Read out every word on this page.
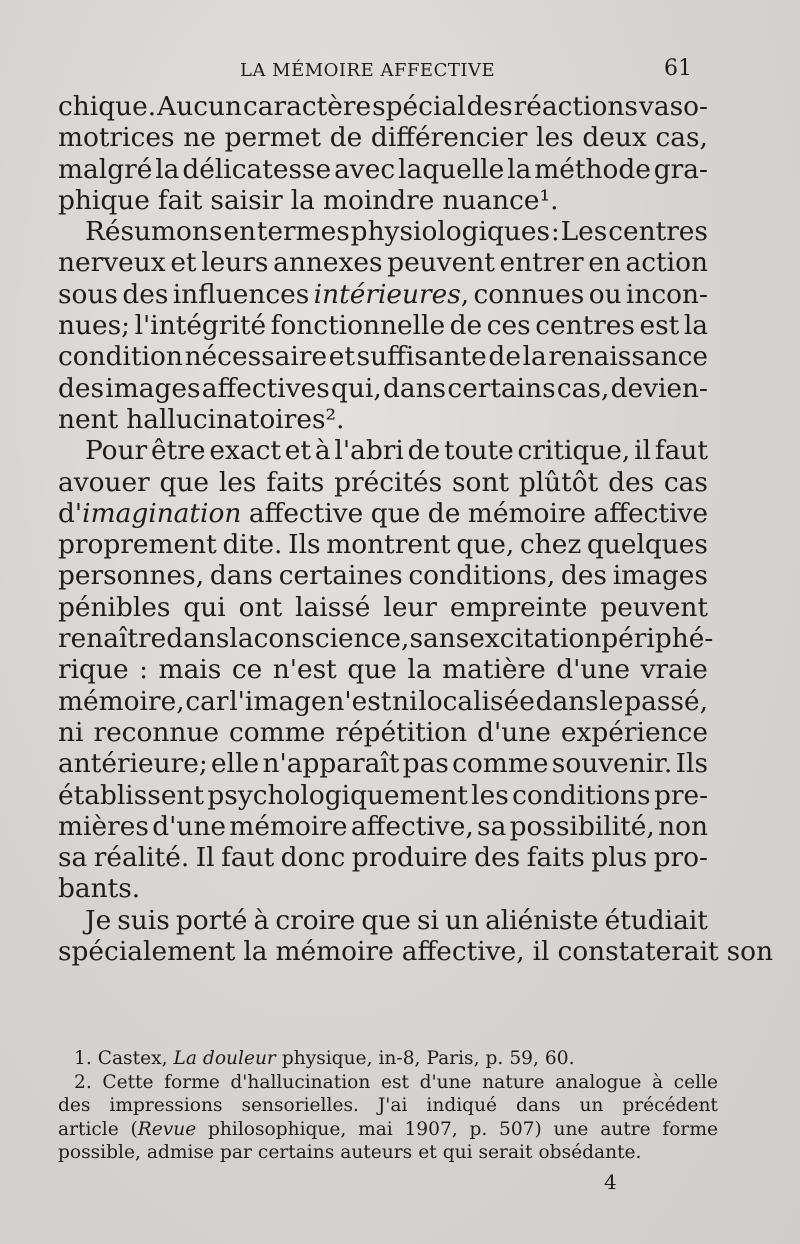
LA MÉMOIRE AFFECTIVE	61
chique. Aucun caractère spécial des réactions vaso-
motrices ne permet de différencier les deux cas,
malgré la délicatesse avec laquelle la méthode gra-
phique fait saisir la moindre nuance¹.
Résumons en termes physiologiques : Les centres
nerveux et leurs annexes peuvent entrer en action
sous des influences intérieures, connues ou incon-
nues; l'intégrité fonctionnelle de ces centres est la
condition nécessaire et suffisante de la renaissance
des images affectives qui, dans certains cas, devien-
nent hallucinatoires².
Pour être exact et à l'abri de toute critique, il faut
avouer que les faits précités sont plûtôt des cas
d'imagination affective que de mémoire affective
proprement dite. Ils montrent que, chez quelques
personnes, dans certaines conditions, des images
pénibles qui ont laissé leur empreinte peuvent
renaître dans la conscience, sans excitation périphé-
rique : mais ce n'est que la matière d'une vraie
mémoire, car l'image n'est ni localisée dans le passé,
ni reconnue comme répétition d'une expérience
antérieure; elle n'apparaît pas comme souvenir. Ils
établissent psychologiquement les conditions pre-
mières d'une mémoire affective, sa possibilité, non
sa réalité. Il faut donc produire des faits plus pro-
bants.
Je suis porté à croire que si un aliéniste étudiait
spécialement la mémoire affective, il constaterait son
1. Castex, La douleur physique, in-8, Paris, p. 59, 60.
2. Cette forme d'hallucination est d'une nature analogue à celle
des impressions sensorielles. J'ai indiqué dans un précédent
article (Revue philosophique, mai 1907, p. 507) une autre forme
possible, admise par certains auteurs et qui serait obsédante.
4
